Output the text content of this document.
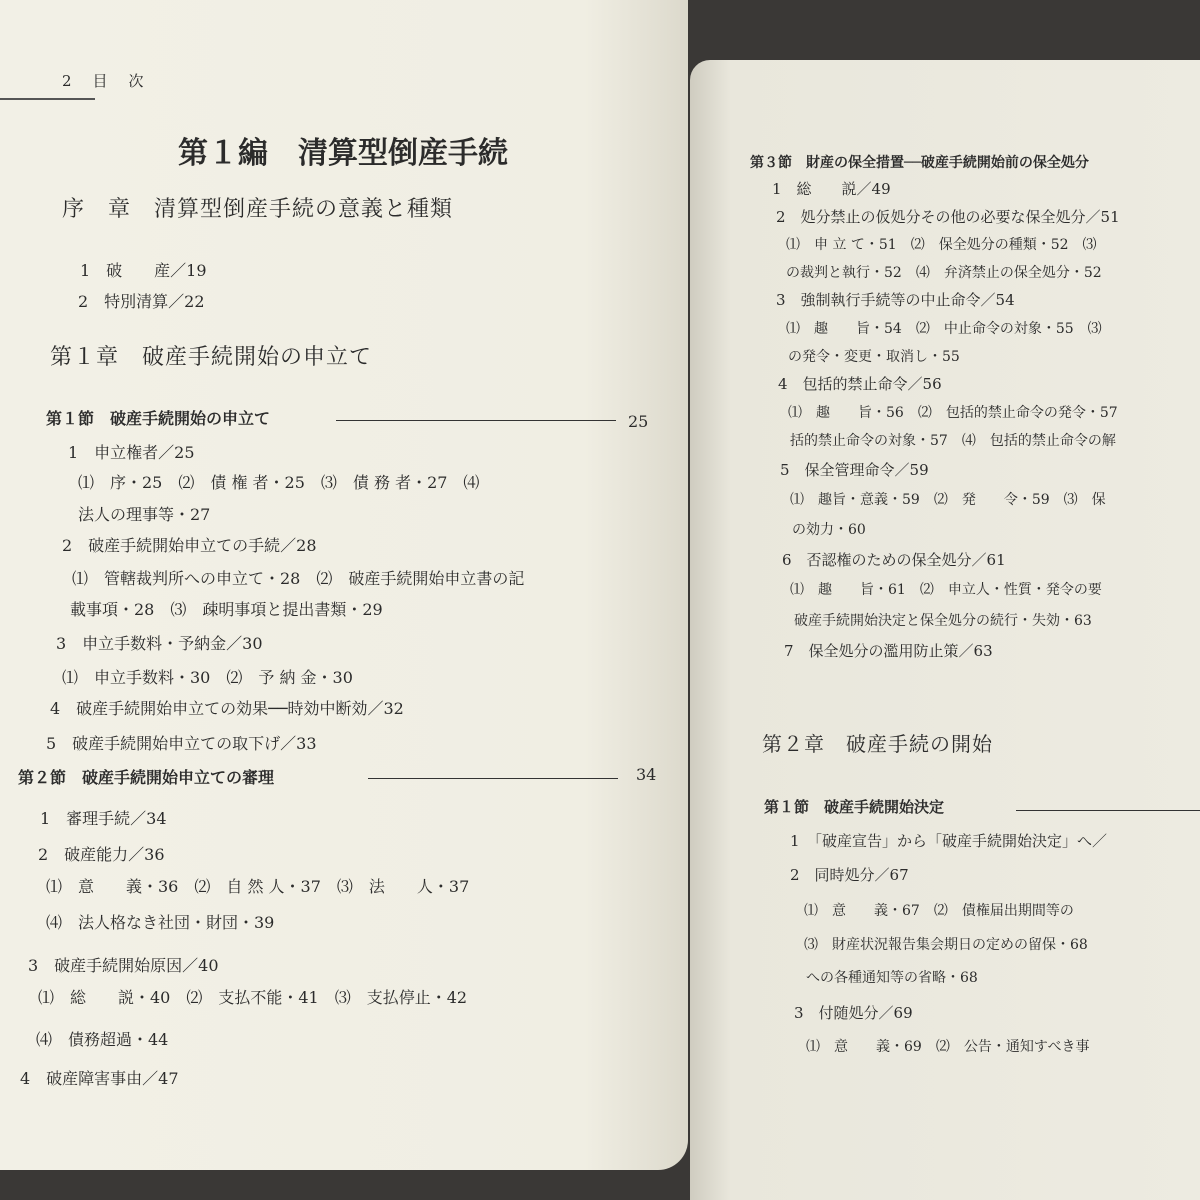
2　目　次
第１編　清算型倒産手続
序　章　清算型倒産手続の意義と種類
1　破　　産／19
2　特別清算／22
第１章　破産手続開始の申立て
第１節　破産手続開始の申立て	25
1　申立権者／25
⑴　序・25　⑵　債 権 者・25　⑶　債 務 者・27　⑷
法人の理事等・27
2　破産手続開始申立ての手続／28
⑴　管轄裁判所への申立て・28　⑵　破産手続開始申立書の記
載事項・28　⑶　疎明事項と提出書類・29
3　申立手数料・予納金／30
⑴　申立手数料・30　⑵　予 納 金・30
4　破産手続開始申立ての効果──時効中断効／32
5　破産手続開始申立ての取下げ／33
第２節　破産手続開始申立ての審理	34
1　審理手続／34
2　破産能力／36
⑴　意　　義・36　⑵　自 然 人・37　⑶　法　　人・37
⑷　法人格なき社団・財団・39
3　破産手続開始原因／40
⑴　総　　説・40　⑵　支払不能・41　⑶　支払停止・42
⑷　債務超過・44
4　破産障害事由／47
第３節　財産の保全措置──破産手続開始前の保全処分
1　総　　説／49
2　処分禁止の仮処分その他の必要な保全処分／51
⑴　申 立 て・51　⑵　保全処分の種類・52　⑶
の裁判と執行・52　⑷　弁済禁止の保全処分・52
3　強制執行手続等の中止命令／54
⑴　趣　　旨・54　⑵　中止命令の対象・55　⑶
の発令・変更・取消し・55
4　包括的禁止命令／56
⑴　趣　　旨・56　⑵　包括的禁止命令の発令・57
括的禁止命令の対象・57　⑷　包括的禁止命令の解
5　保全管理命令／59
⑴　趣旨・意義・59　⑵　発　　令・59　⑶　保
の効力・60
6　否認権のための保全処分／61
⑴　趣　　旨・61　⑵　申立人・性質・発令の要
破産手続開始決定と保全処分の続行・失効・63
7　保全処分の濫用防止策／63
第２章　破産手続の開始
第１節　破産手続開始決定
1　「破産宣告」から「破産手続開始決定」へ／
2　同時処分／67
⑴　意　　義・67　⑵　債権届出期間等の
⑶　財産状況報告集会期日の定めの留保・68
への各種通知等の省略・68
3　付随処分／69
⑴　意　　義・69　⑵　公告・通知すべき事
